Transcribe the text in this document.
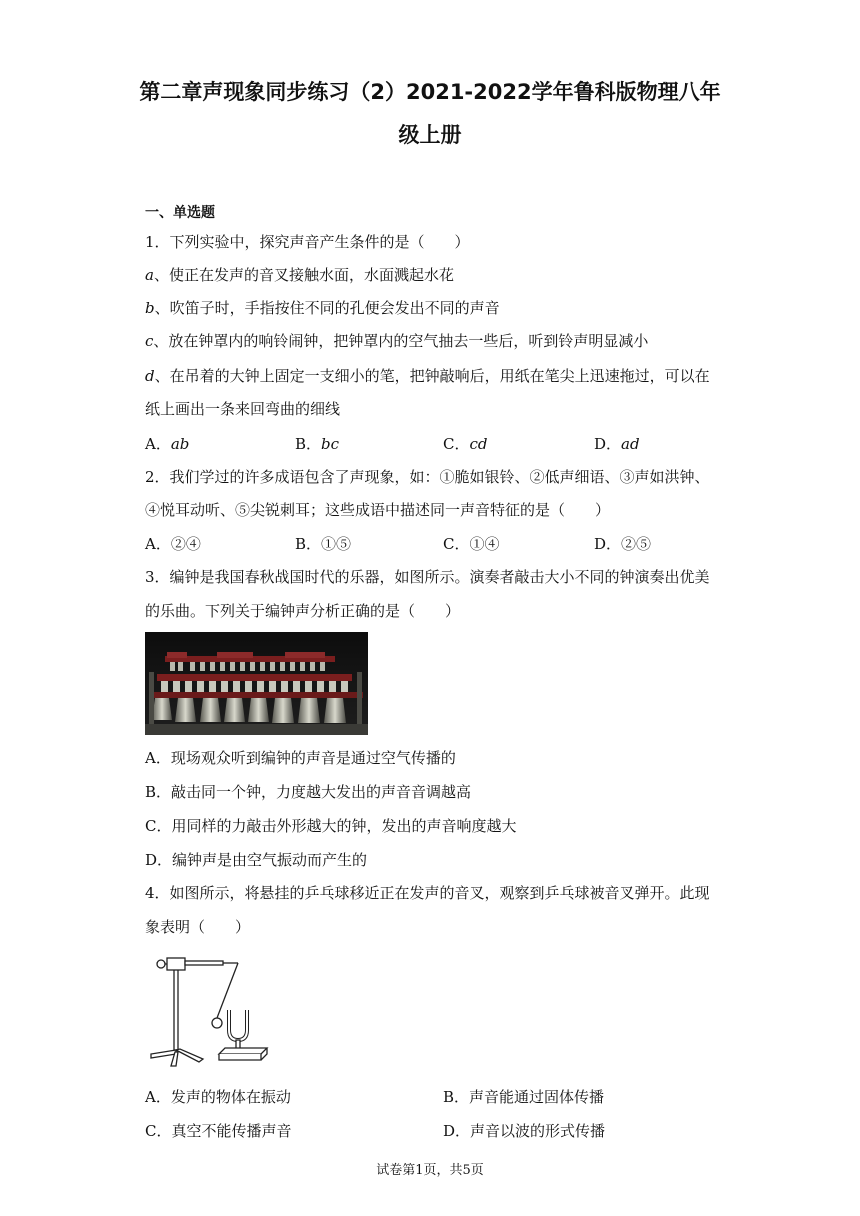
第二章声现象同步练习（2）2021-2022学年鲁科版物理八年
级上册
一、单选题
1．下列实验中，探究声音产生条件的是（　　）
a、使正在发声的音叉接触水面，水面溅起水花
b、吹笛子时，手指按住不同的孔便会发出不同的声音
c、放在钟罩内的响铃闹钟，把钟罩内的空气抽去一些后，听到铃声明显减小
d、在吊着的大钟上固定一支细小的笔，把钟敲响后，用纸在笔尖上迅速拖过，可以在
纸上画出一条来回弯曲的细线
A．ab	B．bc	C．cd	D．ad
2．我们学过的许多成语包含了声现象，如：①脆如银铃、②低声细语、③声如洪钟、
④悦耳动听、⑤尖锐刺耳；这些成语中描述同一声音特征的是（　　）
A．②④	B．①⑤	C．①④	D．②⑤
3．编钟是我国春秋战国时代的乐器，如图所示。演奏者敲击大小不同的钟演奏出优美
的乐曲。下列关于编钟声分析正确的是（　　）
A．现场观众听到编钟的声音是通过空气传播的
B．敲击同一个钟，力度越大发出的声音音调越高
C．用同样的力敲击外形越大的钟，发出的声音响度越大
D．编钟声是由空气振动而产生的
4．如图所示，将悬挂的乒乓球移近正在发声的音叉，观察到乒乓球被音叉弹开。此现
象表明（　　）
A．发声的物体在振动	B．声音能通过固体传播
C．真空不能传播声音	D．声音以波的形式传播
试卷第1页，共5页
